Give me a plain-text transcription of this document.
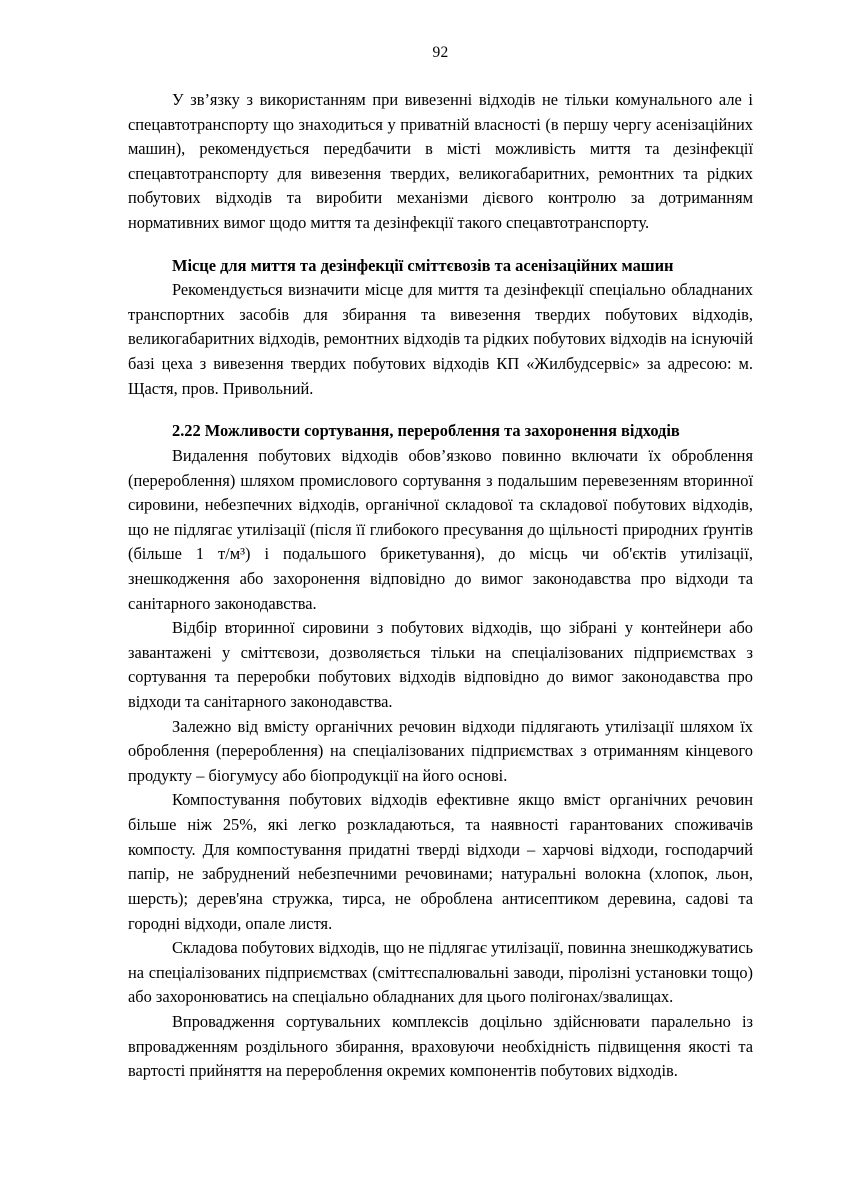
92

У зв’язку з використанням при вивезенні відходів не тільки комунального але і спецавтотранспорту що знаходиться у приватній власності (в першу чергу асенізаційних машин), рекомендується передбачити в місті можливість миття та дезінфекції спецавтотранспорту для вивезення твердих, великогабаритних, ремонтних та рідких побутових відходів та виробити механізми дієвого контролю за дотриманням нормативних вимог щодо миття та дезінфекції такого спецавтотранспорту.

Місце для миття та дезінфекції сміттєвозів та асенізаційних машин

Рекомендується визначити місце для миття та дезінфекції спеціально обладнаних транспортних засобів для збирання та вивезення твердих побутових відходів, великогабаритних відходів, ремонтних відходів та рідких побутових відходів на існуючій базі цеха з вивезення твердих побутових відходів КП «Жилбудсервіс» за адресою: м. Щастя, пров. Привольний.

2.22 Можливости сортування, перероблення та захоронення відходів

Видалення побутових відходів обов’язково повинно включати їх оброблення (перероблення) шляхом промислового сортування з подальшим перевезенням вторинної сировини, небезпечних відходів, органічної складової та складової побутових відходів, що не підлягає утилізації (після її глибокого пресування до щільності природних ґрунтів (більше 1 т/м³) і подальшого брикетування), до місць чи об'єктів утилізації, знешкодження або захоронення відповідно до вимог законодавства про відходи та санітарного законодавства.

Відбір вторинної сировини з побутових відходів, що зібрані у контейнери або завантажені у сміттєвози, дозволяється тільки на спеціалізованих підприємствах з сортування та переробки побутових відходів відповідно до вимог законодавства про відходи та санітарного законодавства.

Залежно від вмісту органічних речовин відходи підлягають утилізації шляхом їх оброблення (перероблення) на спеціалізованих підприємствах з отриманням кінцевого продукту – біогумусу або біопродукції на його основі.

Компостування побутових відходів ефективне якщо вміст органічних речовин більше ніж 25%, які легко розкладаються, та наявності гарантованих споживачів компосту. Для компостування придатні тверді відходи – харчові відходи, господарчий папір, не забруднений небезпечними речовинами; натуральні волокна (хлопок, льон, шерсть); дерев'яна стружка, тирса, не оброблена антисептиком деревина, садові та городні відходи, опале листя.

Складова побутових відходів, що не підлягає утилізації, повинна знешкоджуватись на спеціалізованих підприємствах (сміттєспалювальні заводи, піролізні установки тощо) або захоронюватись на спеціально обладнаних для цього полігонах/звалищах.

Впровадження сортувальних комплексів доцільно здійснювати паралельно із впровадженням роздільного збирання, враховуючи необхідність підвищення якості та вартості прийняття на перероблення окремих компонентів побутових відходів.
